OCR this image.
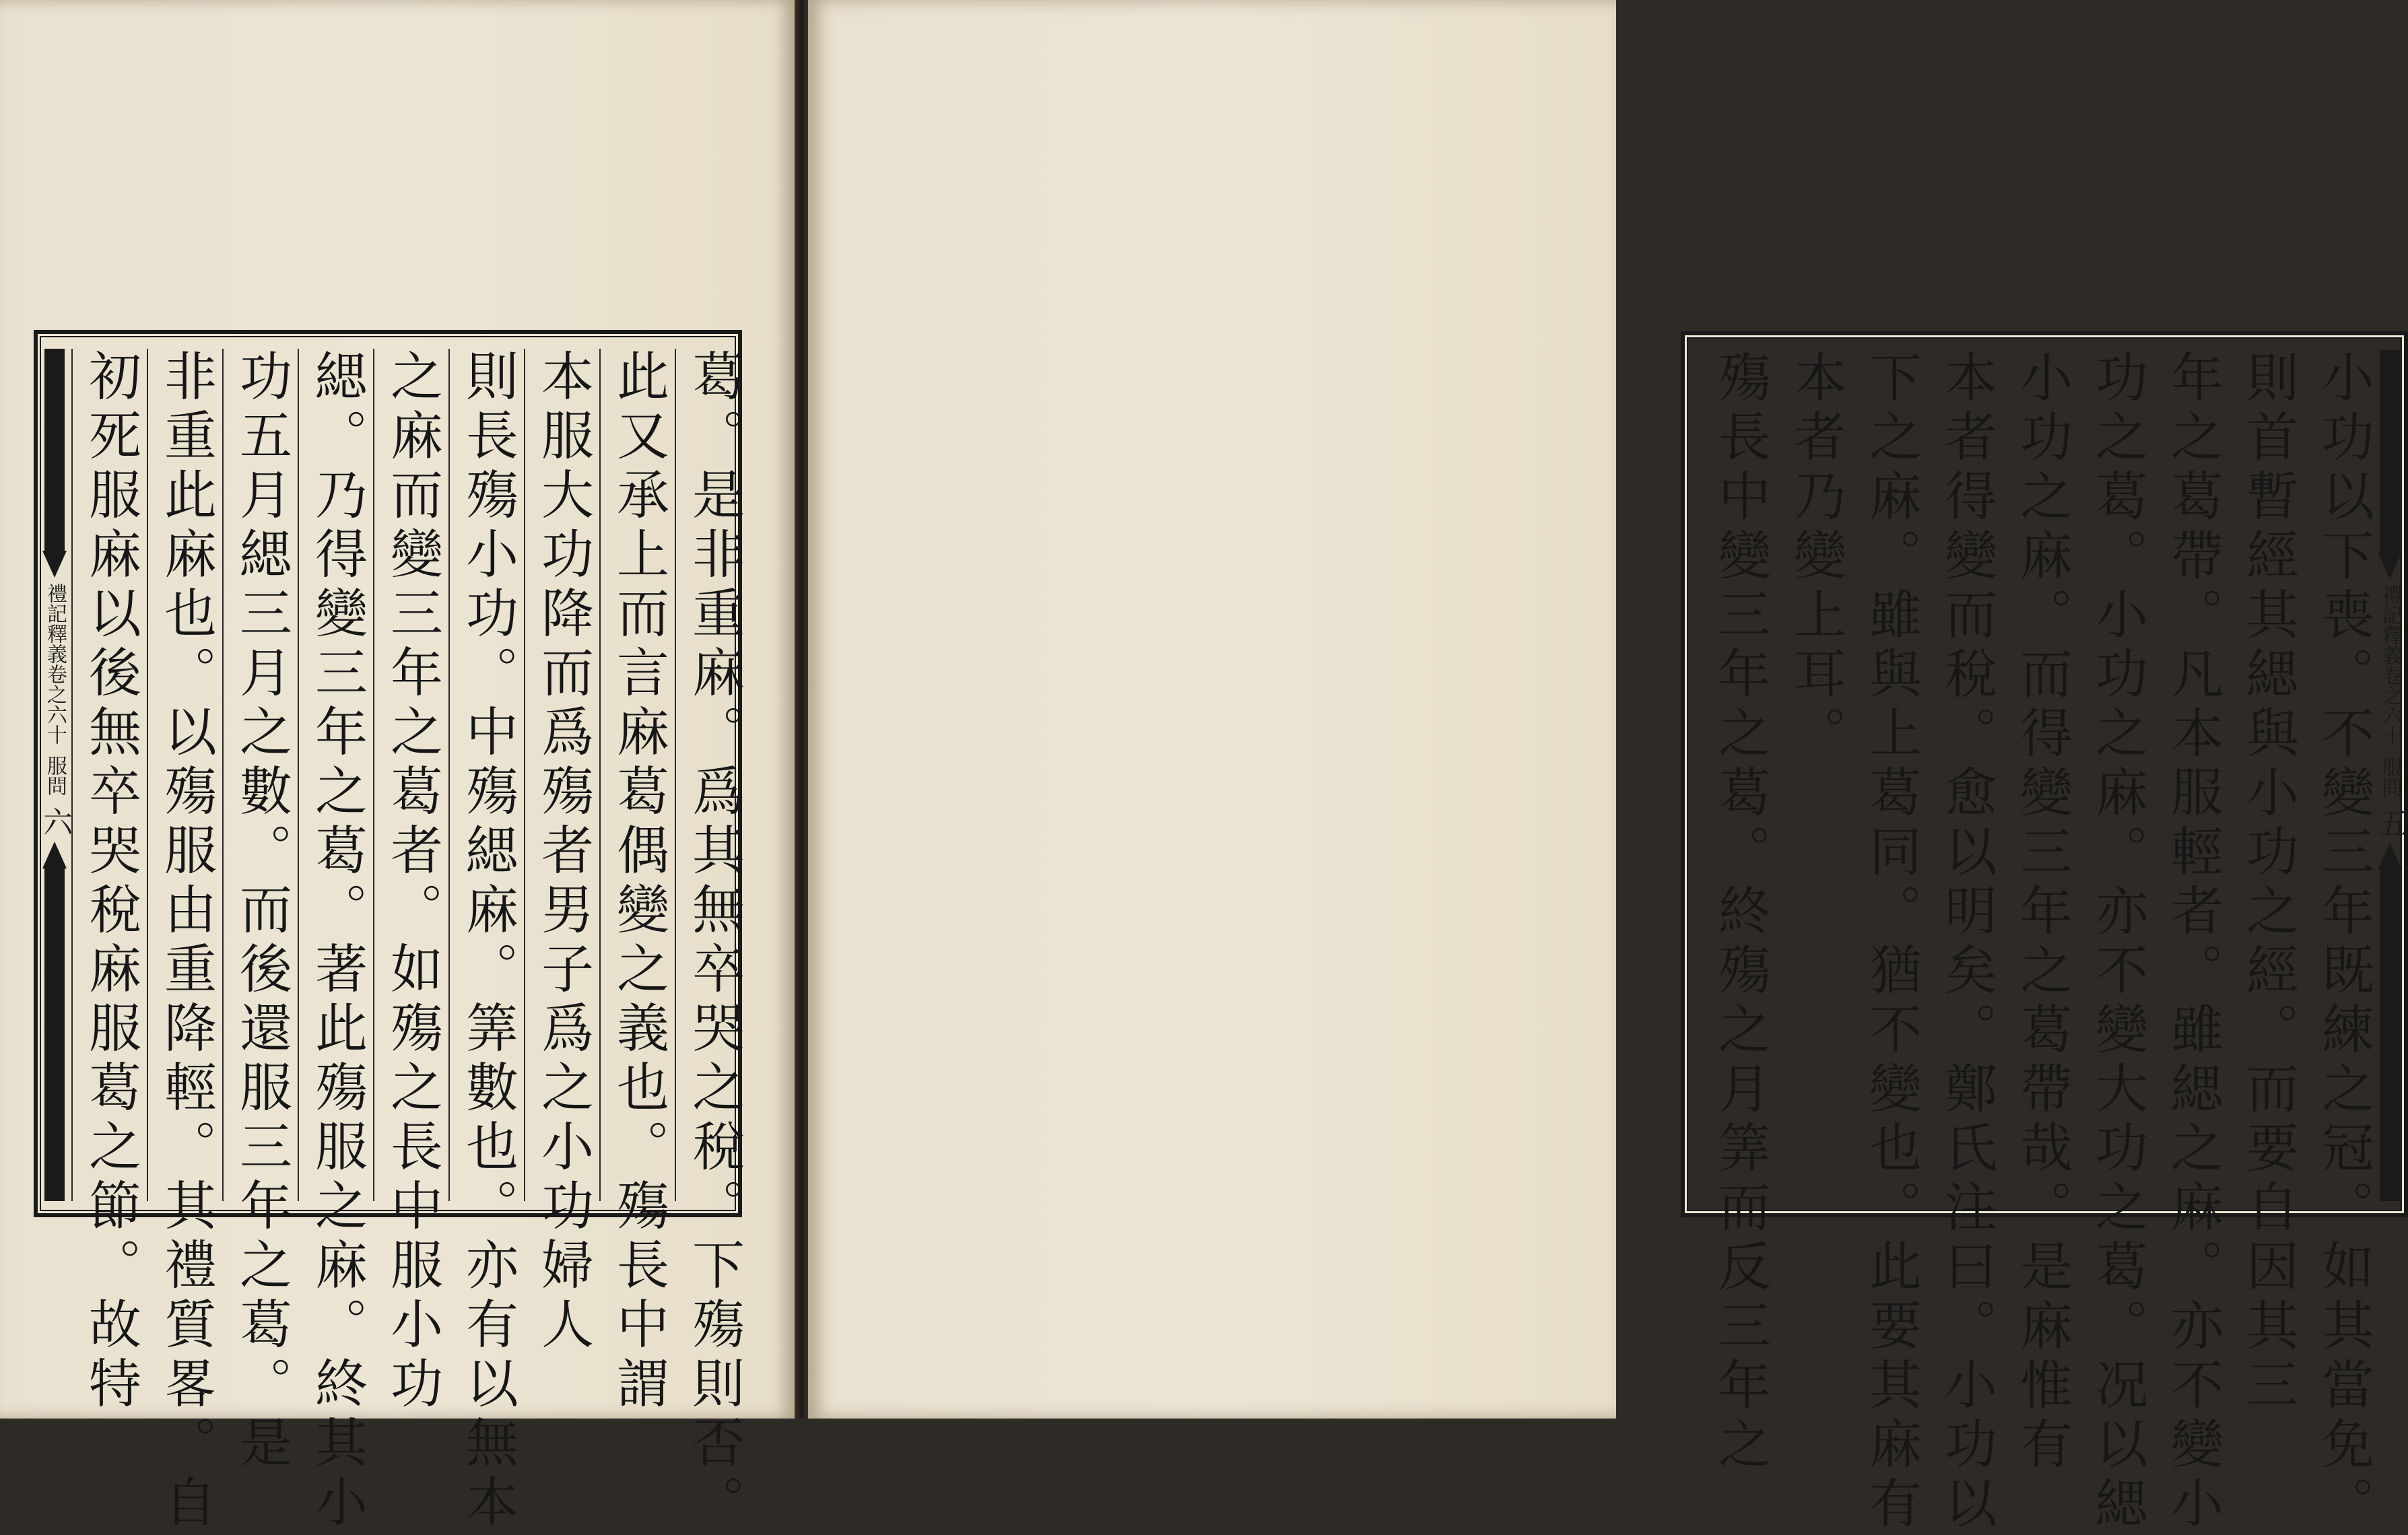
葛。是非重麻。爲其無卒哭之稅。下殤則否。
此又承上而言麻葛偶變之義也。殤長中謂
本服大功降而爲殤者男子爲之小功婦人
則長殤小功。中殤緦麻。筭數也。亦有以無本
之麻而變三年之葛者。如殤之長中服小功
緦。乃得變三年之葛。著此殤服之麻。終其小
功五月緦三月之數。而後還服三年之葛。是
非重此麻也。以殤服由重降輕。其禮質畧。自
初死服麻以後無卒哭稅麻服葛之節。故特
禮記釋義卷之六十
服問
六	小功以下喪。不變三年既練之冠。如其當免。
則首暫經其緦與小功之經。而要自因其三
年之葛帶。凡本服輕者。雖緦之麻。亦不變小
功之葛。小功之麻。亦不變大功之葛。况以緦
小功之麻。而得變三年之葛帶哉。是麻惟有
本者得變而稅。愈以明矣。鄭氏注曰。小功以
下之麻。雖與上葛同。猶不變也。此要其麻有
本者乃變上耳。
殤長中變三年之葛。終殤之月筭而反三年之	禮記釋義卷之六十
服問
五
